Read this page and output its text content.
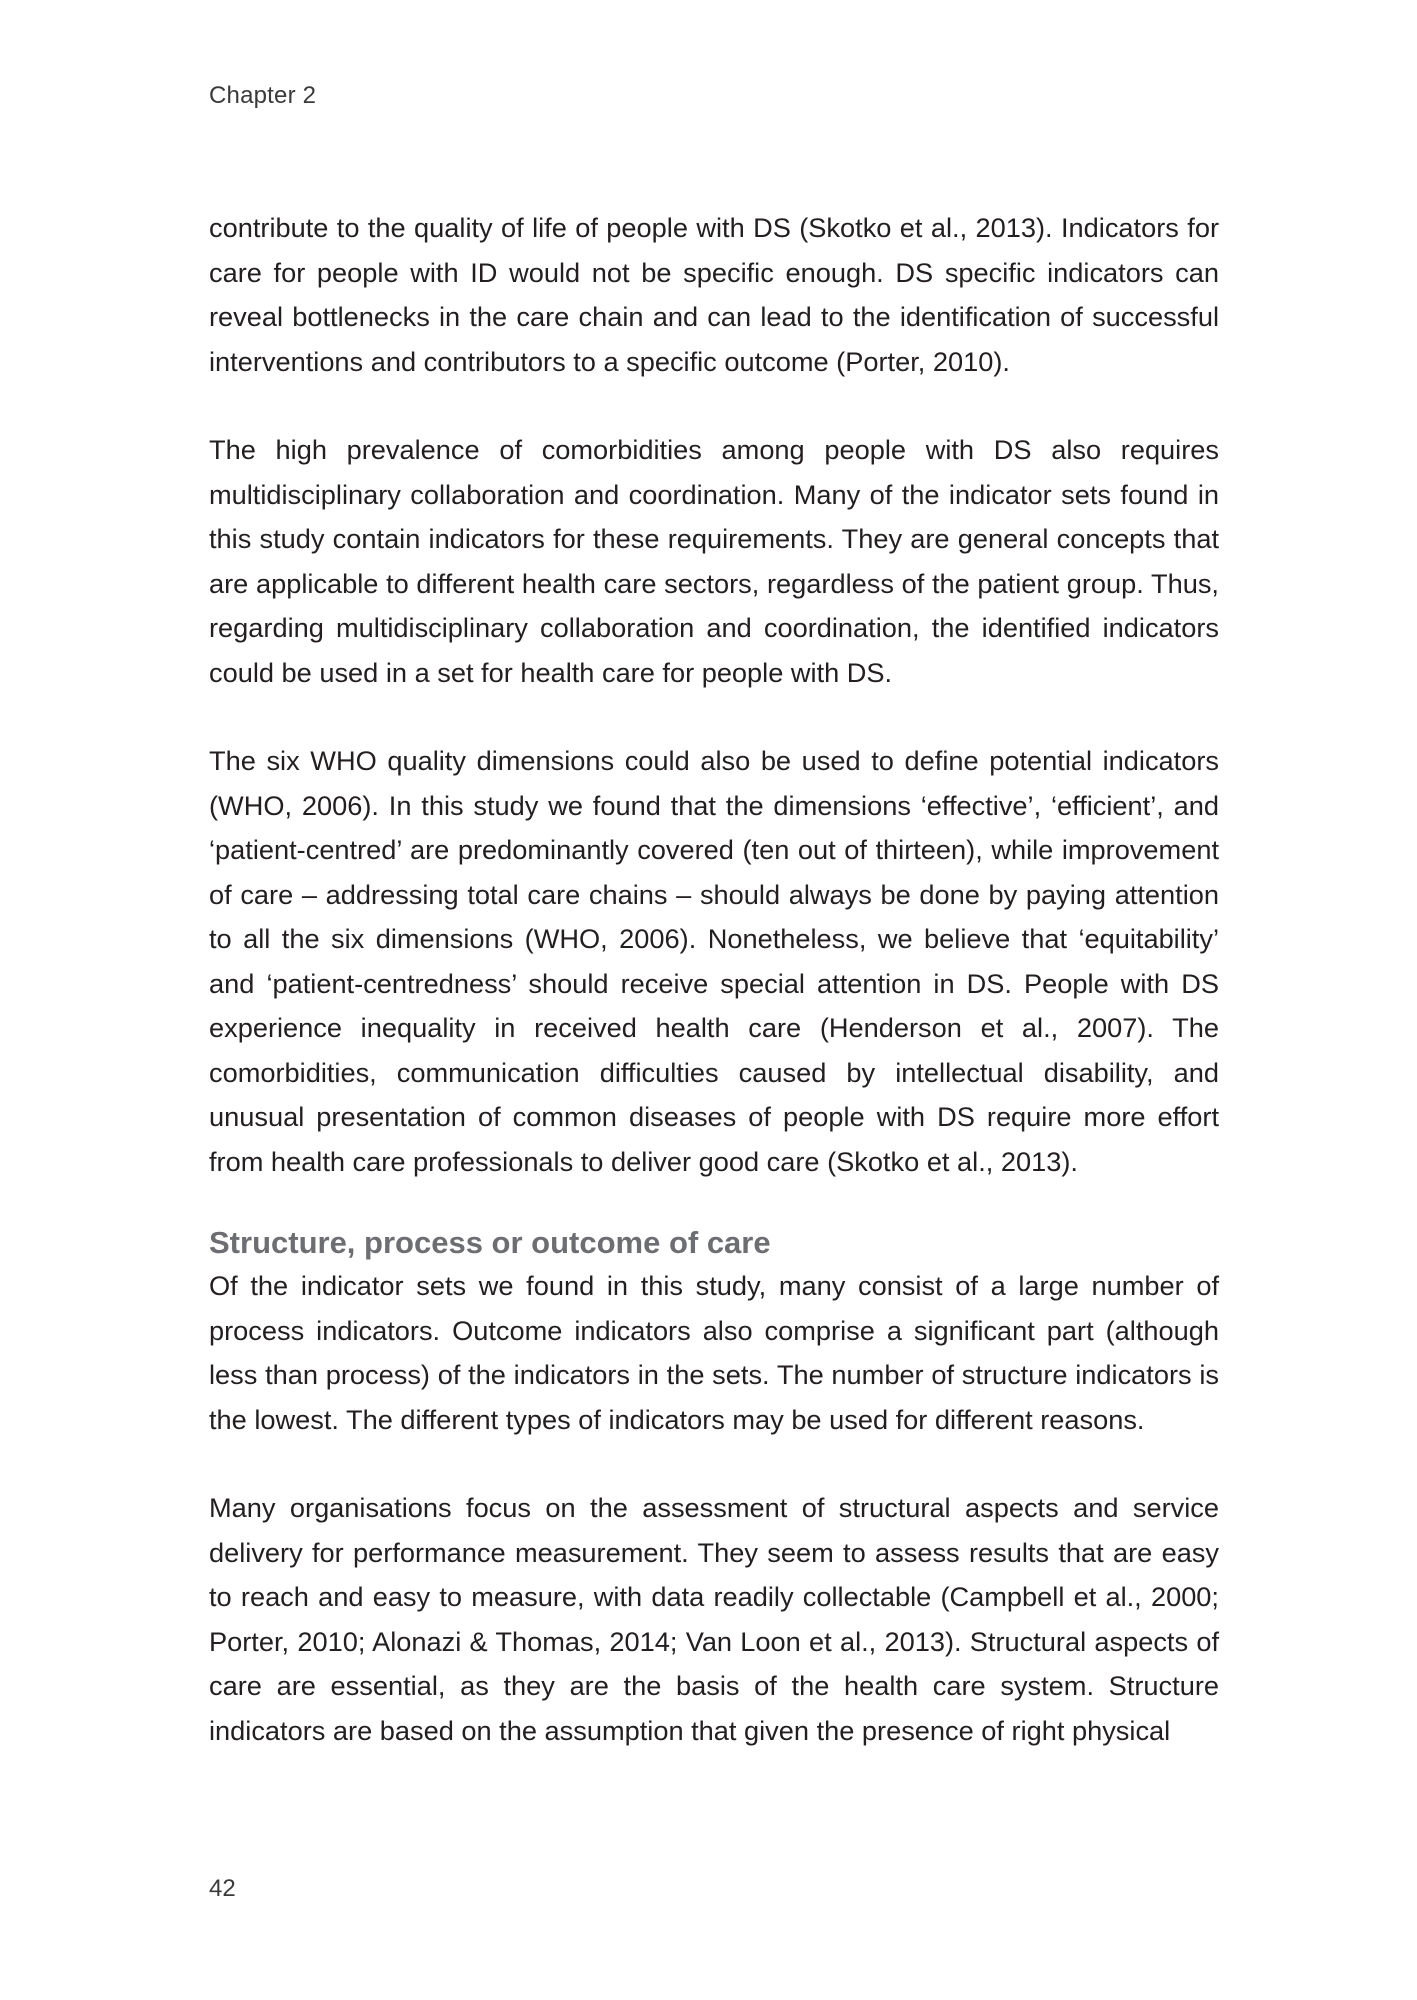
Chapter 2

contribute to the quality of life of people with DS (Skotko et al., 2013). Indicators for care for people with ID would not be specific enough. DS specific indicators can reveal bottlenecks in the care chain and can lead to the identification of successful interventions and contributors to a specific outcome (Porter, 2010).

The high prevalence of comorbidities among people with DS also requires multidisciplinary collaboration and coordination. Many of the indicator sets found in this study contain indicators for these requirements. They are general concepts that are applicable to different health care sectors, regardless of the patient group. Thus, regarding multidisciplinary collaboration and coordination, the identified indicators could be used in a set for health care for people with DS.

The six WHO quality dimensions could also be used to define potential indicators (WHO, 2006). In this study we found that the dimensions ‘effective’, ‘efficient’, and ‘patient-centred’ are predominantly covered (ten out of thirteen), while improvement of care – addressing total care chains – should always be done by paying attention to all the six dimensions (WHO, 2006). Nonetheless, we believe that ‘equitability’ and ‘patient-centredness’ should receive special attention in DS. People with DS experience inequality in received health care (Henderson et al., 2007). The comorbidities, communication difficulties caused by intellectual disability, and unusual presentation of common diseases of people with DS require more effort from health care professionals to deliver good care (Skotko et al., 2013).

Structure, process or outcome of care

Of the indicator sets we found in this study, many consist of a large number of process indicators. Outcome indicators also comprise a significant part (although less than process) of the indicators in the sets. The number of structure indicators is the lowest. The different types of indicators may be used for different reasons.

Many organisations focus on the assessment of structural aspects and service delivery for performance measurement. They seem to assess results that are easy to reach and easy to measure, with data readily collectable (Campbell et al., 2000; Porter, 2010; Alonazi & Thomas, 2014; Van Loon et al., 2013). Structural aspects of care are essential, as they are the basis of the health care system. Structure indicators are based on the assumption that given the presence of right physical

42
